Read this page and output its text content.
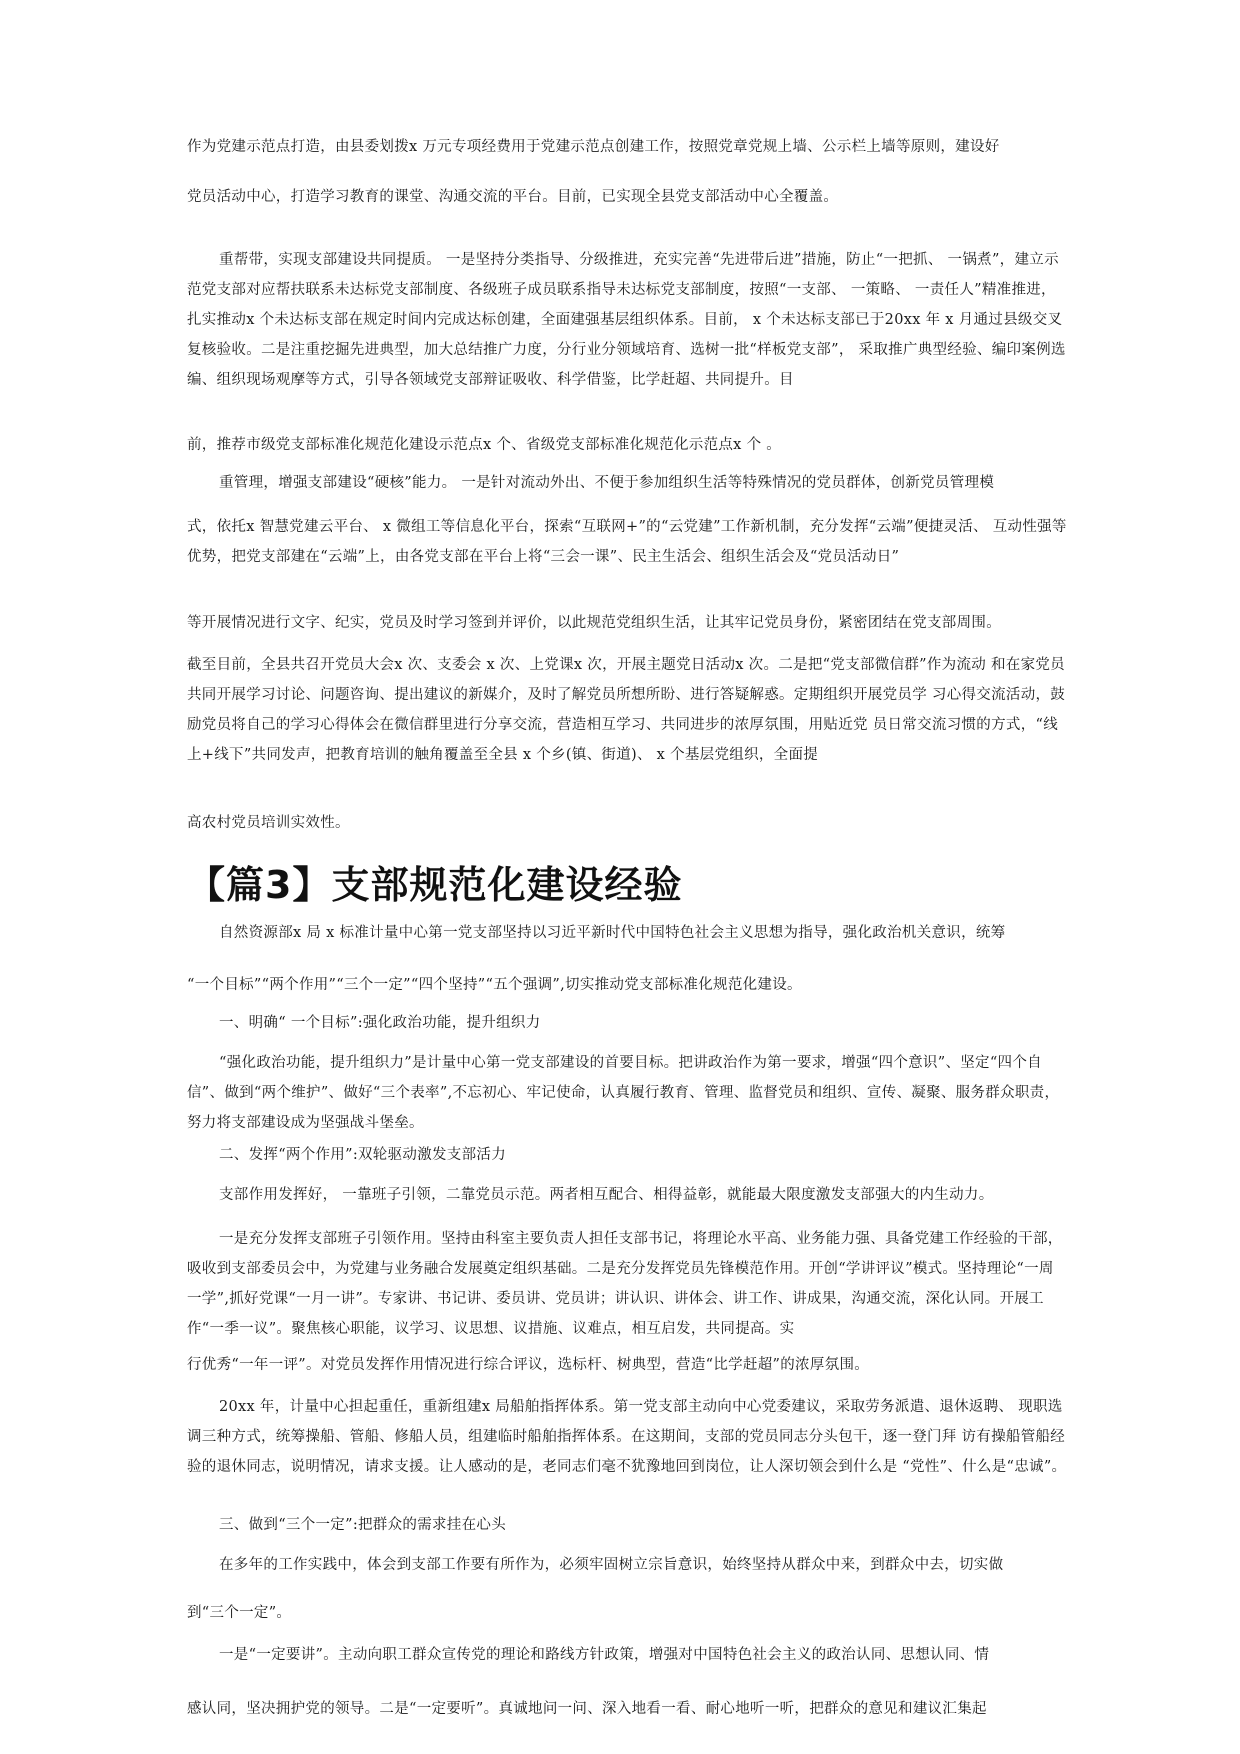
作为党建示范点打造，由县委划拨x 万元专项经费用于党建示范点创建工作，按照党章党规上墙、公示栏上墙等原则，建设好

党员活动中心，打造学习教育的课堂、沟通交流的平台。目前，已实现全县党支部活动中心全覆盖。

重帮带，实现支部建设共同提质。 一是坚持分类指导、分级推进，充实完善“先进带后进”措施，防止“一把抓、 一锅煮”，建立示范党支部对应帮扶联系未达标党支部制度、各级班子成员联系指导未达标党支部制度，按照“一支部、 一策略、 一责任人”精准推进，扎实推动x 个未达标支部在规定时间内完成达标创建，全面建强基层组织体系。目前， x 个未达标支部已于20xx 年 x 月通过县级交叉复核验收。二是注重挖掘先进典型，加大总结推广力度，分行业分领域培育、选树一批“样板党支部”， 采取推广典型经验、编印案例选编、组织现场观摩等方式，引导各领域党支部辩证吸收、科学借鉴，比学赶超、共同提升。目

前，推荐市级党支部标准化规范化建设示范点x 个、省级党支部标准化规范化示范点x 个 。

重管理，增强支部建设“硬核”能力。 一是针对流动外出、不便于参加组织生活等特殊情况的党员群体，创新党员管理模

式，依托x 智慧党建云平台、 x 微组工等信息化平台，探索“互联网+”的“云党建”工作新机制，充分发挥“云端”便捷灵活、 互动性强等优势，把党支部建在“云端”上，由各党支部在平台上将“三会一课”、民主生活会、组织生活会及“党员活动日”

等开展情况进行文字、纪实，党员及时学习签到并评价，以此规范党组织生活，让其牢记党员身份，紧密团结在党支部周围。

截至目前，全县共召开党员大会x 次、支委会 x 次、上党课x 次，开展主题党日活动x 次。二是把“党支部微信群”作为流动 和在家党员共同开展学习讨论、问题咨询、提出建议的新媒介，及时了解党员所想所盼、进行答疑解惑。定期组织开展党员学 习心得交流活动，鼓励党员将自己的学习心得体会在微信群里进行分享交流，营造相互学习、共同进步的浓厚氛围，用贴近党 员日常交流习惯的方式，“线上+线下”共同发声，把教育培训的触角覆盖至全县 x 个乡(镇、街道)、 x 个基层党组织，全面提

高农村党员培训实效性。

【篇3】支部规范化建设经验

自然资源部x 局 x 标准计量中心第一党支部坚持以习近平新时代中国特色社会主义思想为指导，强化政治机关意识，统筹

“一个目标”“两个作用”“三个一定”“四个坚持”“五个强调”,切实推动党支部标准化规范化建设。

一、明确“ 一个目标”:强化政治功能，提升组织力

“强化政治功能，提升组织力”是计量中心第一党支部建设的首要目标。把讲政治作为第一要求，增强“四个意识”、坚定“四个自信”、做到“两个维护”、做好“三个表率”,不忘初心、牢记使命，认真履行教育、管理、监督党员和组织、宣传、凝聚、服务群众职责，努力将支部建设成为坚强战斗堡垒。

二、发挥“两个作用”:双轮驱动激发支部活力

支部作用发挥好， 一靠班子引领，二靠党员示范。两者相互配合、相得益彰，就能最大限度激发支部强大的内生动力。

一是充分发挥支部班子引领作用。坚持由科室主要负责人担任支部书记，将理论水平高、业务能力强、具备党建工作经验的干部，吸收到支部委员会中，为党建与业务融合发展奠定组织基础。二是充分发挥党员先锋模范作用。开创“学讲评议”模式。坚持理论“一周一学”,抓好党课“一月一讲”。专家讲、书记讲、委员讲、党员讲；讲认识、讲体会、讲工作、讲成果，沟通交流，深化认同。开展工作“一季一议”。聚焦核心职能，议学习、议思想、议措施、议难点，相互启发，共同提高。实

行优秀“一年一评”。对党员发挥作用情况进行综合评议，选标杆、树典型，营造“比学赶超”的浓厚氛围。

20xx 年，计量中心担起重任，重新组建x 局船舶指挥体系。第一党支部主动向中心党委建议，采取劳务派遣、退休返聘、 现职选调三种方式，统筹操船、管船、修船人员，组建临时船舶指挥体系。在这期间，支部的党员同志分头包干，逐一登门拜 访有操船管船经验的退休同志，说明情况，请求支援。让人感动的是，老同志们毫不犹豫地回到岗位，让人深切领会到什么是 “党性”、什么是“忠诚”。

三、做到“三个一定”:把群众的需求挂在心头

在多年的工作实践中，体会到支部工作要有所作为，必须牢固树立宗旨意识，始终坚持从群众中来，到群众中去，切实做

到“三个一定”。

一是“一定要讲”。主动向职工群众宣传党的理论和路线方针政策，增强对中国特色社会主义的政治认同、思想认同、情

感认同，坚决拥护党的领导。二是“一定要听”。真诚地问一问、深入地看一看、耐心地听一听，把群众的意见和建议汇集起
